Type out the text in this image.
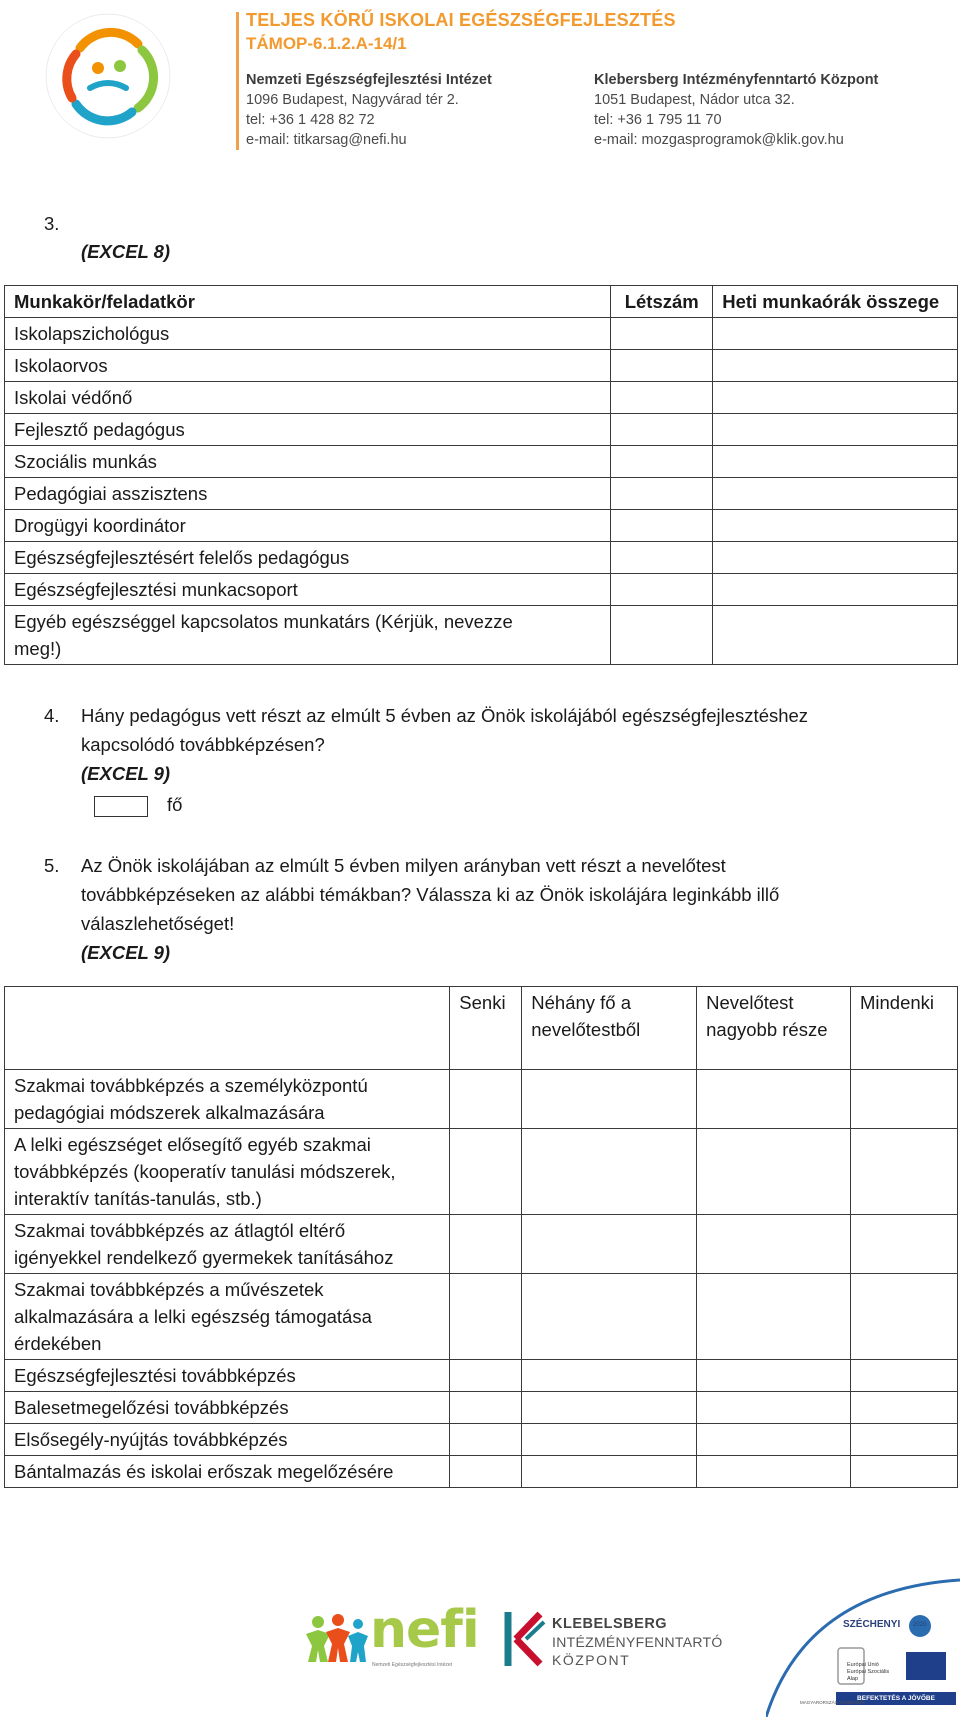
TELJES KÖRŰ ISKOLAI EGÉSZSÉGFEJLESZTÉS
TÁMOP-6.1.2.A-14/1
Nemzeti Egészségfejlesztési Intézet
1096 Budapest, Nagyvárad tér 2.
tel: +36 1 428 82 72
e-mail: titkarsag@nefi.hu
Klebersberg Intézményfenntartó Központ
1051 Budapest, Nádor utca 32.
tel: +36 1 795 11 70
e-mail: mozgasprogramok@klik.gov.hu
3.
(EXCEL 8)
Munkakör/feladatkör	Létszám	Heti munkaórák összege
Iskolapszichológus		
Iskolaorvos		
Iskolai védőnő		
Fejlesztő pedagógus		
Szociális munkás		
Pedagógiai asszisztens		
Drogügyi koordinátor		
Egészségfejlesztésért felelős pedagógus		
Egészségfejlesztési munkacsoport		
Egyéb egészséggel kapcsolatos munkatárs (Kérjük, nevezze meg!)		
4. Hány pedagógus vett részt az elmúlt 5 évben az Önök iskolájából egészségfejlesztéshez
kapcsolódó továbbképzésen?
(EXCEL 9)
fő
5. Az Önök iskolájában az elmúlt 5 évben milyen arányban vett részt a nevelőtest
továbbképzéseken az alábbi témákban? Válassza ki az Önök iskolájára leginkább illő
válaszlehetőséget!
(EXCEL 9)
	Senki	Néhány fő a nevelőtestből	Nevelőtest nagyobb része	Mindenki
Szakmai továbbképzés a személyközpontú pedagógiai módszerek alkalmazására				
A lelki egészséget elősegítő egyéb szakmai továbbképzés (kooperatív tanulási módszerek, interaktív tanítás-tanulás, stb.)				
Szakmai továbbképzés az átlagtól eltérő igényekkel rendelkező gyermekek tanításához				
Szakmai továbbképzés a művészetek alkalmazására a lelki egészség támogatása érdekében				
Egészségfejlesztési továbbképzés				
Balesetmegelőzési továbbképzés				
Elsősegély-nyújtás továbbképzés				
Bántalmazás és iskolai erőszak megelőzésére				
nefi
Nemzeti Egészségfejlesztési Intézet
KLEBELSBERG
INTÉZMÉNYFENNTARTÓ
KÖZPONT
SZÉCHENYI 2020
Európai Unió
Európai Szociális
Alap
BEFEKTETÉS A JÖVŐBE
MAGYARORSZÁG KORMÁNYA
